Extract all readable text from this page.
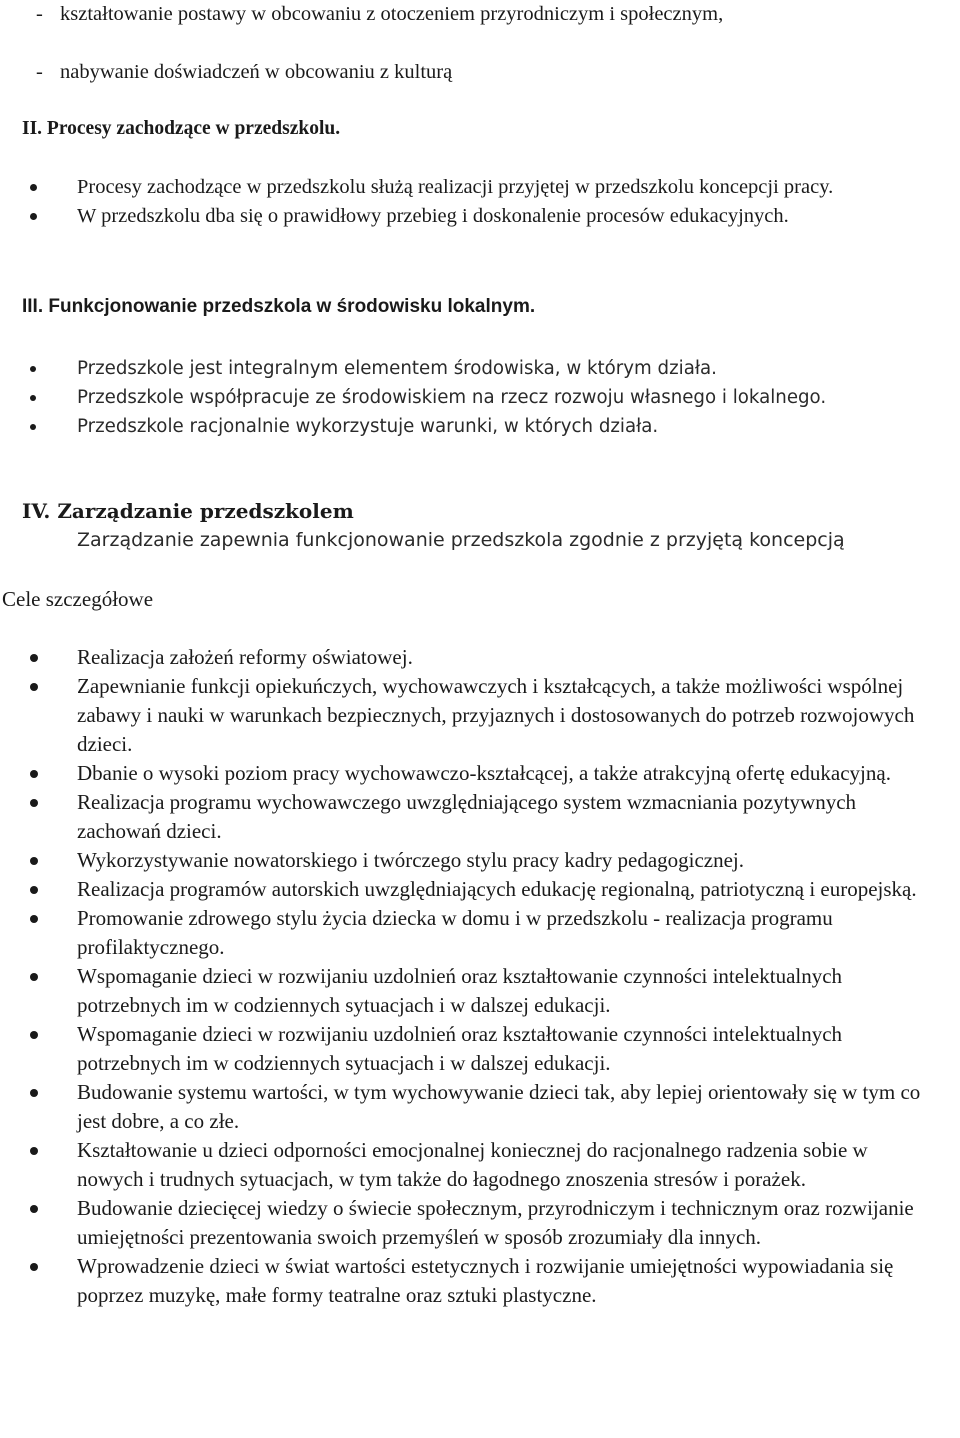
- kształtowanie postawy w obcowaniu z otoczeniem przyrodniczym i społecznym,
- nabywanie doświadczeń w obcowaniu z kulturą
II. Procesy zachodzące w przedszkolu.
Procesy zachodzące w przedszkolu służą realizacji przyjętej w przedszkolu koncepcji pracy.
W przedszkolu dba się o prawidłowy przebieg i doskonalenie procesów edukacyjnych.
III. Funkcjonowanie przedszkola w środowisku lokalnym.
Przedszkole jest integralnym elementem środowiska, w którym działa.
Przedszkole współpracuje ze środowiskiem na rzecz rozwoju własnego i lokalnego.
Przedszkole racjonalnie wykorzystuje warunki, w których działa.
IV. Zarządzanie przedszkolem
Zarządzanie zapewnia funkcjonowanie przedszkola zgodnie z przyjętą koncepcją
Cele szczegółowe
Realizacja założeń reformy oświatowej.
Zapewnianie funkcji opiekuńczych, wychowawczych i kształcących, a także możliwości wspólnej zabawy i nauki w warunkach bezpiecznych, przyjaznych i dostosowanych do potrzeb rozwojowych dzieci.
Dbanie o wysoki poziom pracy wychowawczo-kształcącej, a także atrakcyjną ofertę edukacyjną.
Realizacja programu wychowawczego uwzględniającego system wzmacniania pozytywnych zachowań dzieci.
Wykorzystywanie nowatorskiego i twórczego stylu pracy kadry pedagogicznej.
Realizacja programów autorskich uwzględniających edukację regionalną, patriotyczną i europejską.
Promowanie zdrowego stylu życia dziecka w domu i w przedszkolu - realizacja programu profilaktycznego.
Wspomaganie dzieci w rozwijaniu uzdolnień oraz kształtowanie czynności intelektualnych potrzebnych im w codziennych sytuacjach i w dalszej edukacji.
Wspomaganie dzieci w rozwijaniu uzdolnień oraz kształtowanie czynności intelektualnych potrzebnych im w codziennych sytuacjach i w dalszej edukacji.
Budowanie systemu wartości, w tym wychowywanie dzieci tak, aby lepiej orientowały się w tym co jest dobre, a co złe.
Kształtowanie u dzieci odporności emocjonalnej koniecznej do racjonalnego radzenia sobie w nowych i trudnych sytuacjach, w tym także do łagodnego znoszenia stresów i porażek.
Budowanie dziecięcej wiedzy o świecie społecznym, przyrodniczym i technicznym oraz rozwijanie umiejętności prezentowania swoich przemyśleń w sposób zrozumiały dla innych.
Wprowadzenie dzieci w świat wartości estetycznych i rozwijanie umiejętności wypowiadania się poprzez muzykę, małe formy teatralne oraz sztuki plastyczne.
